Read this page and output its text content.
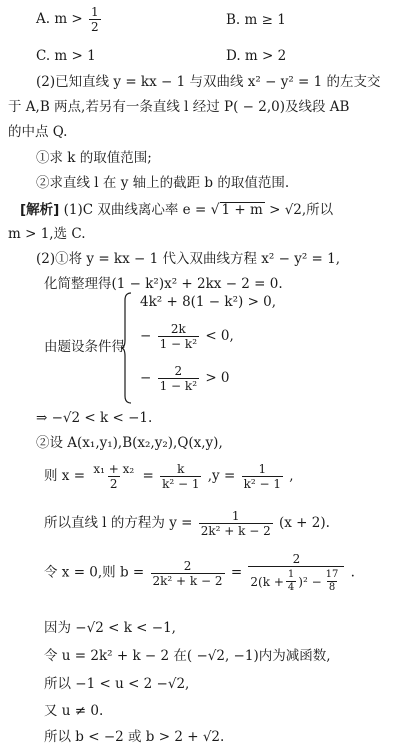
A. $m > \frac{1}{2}$	B. m ≥ 1
C. m > 1	D. m > 2
(2)已知直线 y = kx − 1 与双曲线 x² − y² = 1 的左支交
于 A,B 两点,若另有一条直线 l 经过 P( − 2,0)及线段 AB
的中点 Q.
①求 k 的取值范围;
②求直线 l 在 y 轴上的截距 b 的取值范围.
[解析] (1)C 双曲线离心率 e = √ 1 + m > √2,所以
m > 1,选 C.
(2)①将 y = kx − 1 代入双曲线方程 x² − y² = 1,
化简整理得(1 − k²)x² + 2kx − 2 = 0.
由题设条件得
4k² + 8(1 − k²) > 0,
− $\frac{2k}{\text{1 − k²}} < 0$,
− $\frac{2}{\text{1 − k²}} > 0$
⇒ −√2 < k < −1.
②设 A(x₁,y₁),B(x₂,y₂),Q(x,y),
则 $x = \frac{\text{x₁ + x₂}}{2} = \frac{k}{\text{k² − 1}} ,y = \frac{1}{\text{k² − 1}}$ ,
所以直线 l 的方程为 $y = \frac{1}{\text{2k² + k − 2}} (x + 2)$.
令 x = 0,则 $b = \frac{2}{\text{2k² + k − 2}}$ =
2
$2(k + \frac{1}{4} )^2 - \frac{17}{8}$ .
因为 −√2 < k < −1,
令 u = 2k² + k − 2 在( −√2, −1)内为减函数,
所以 −1 < u < 2 −√2,
又 u ≠ 0.
所以 b < −2 或 b > 2 + √2.
